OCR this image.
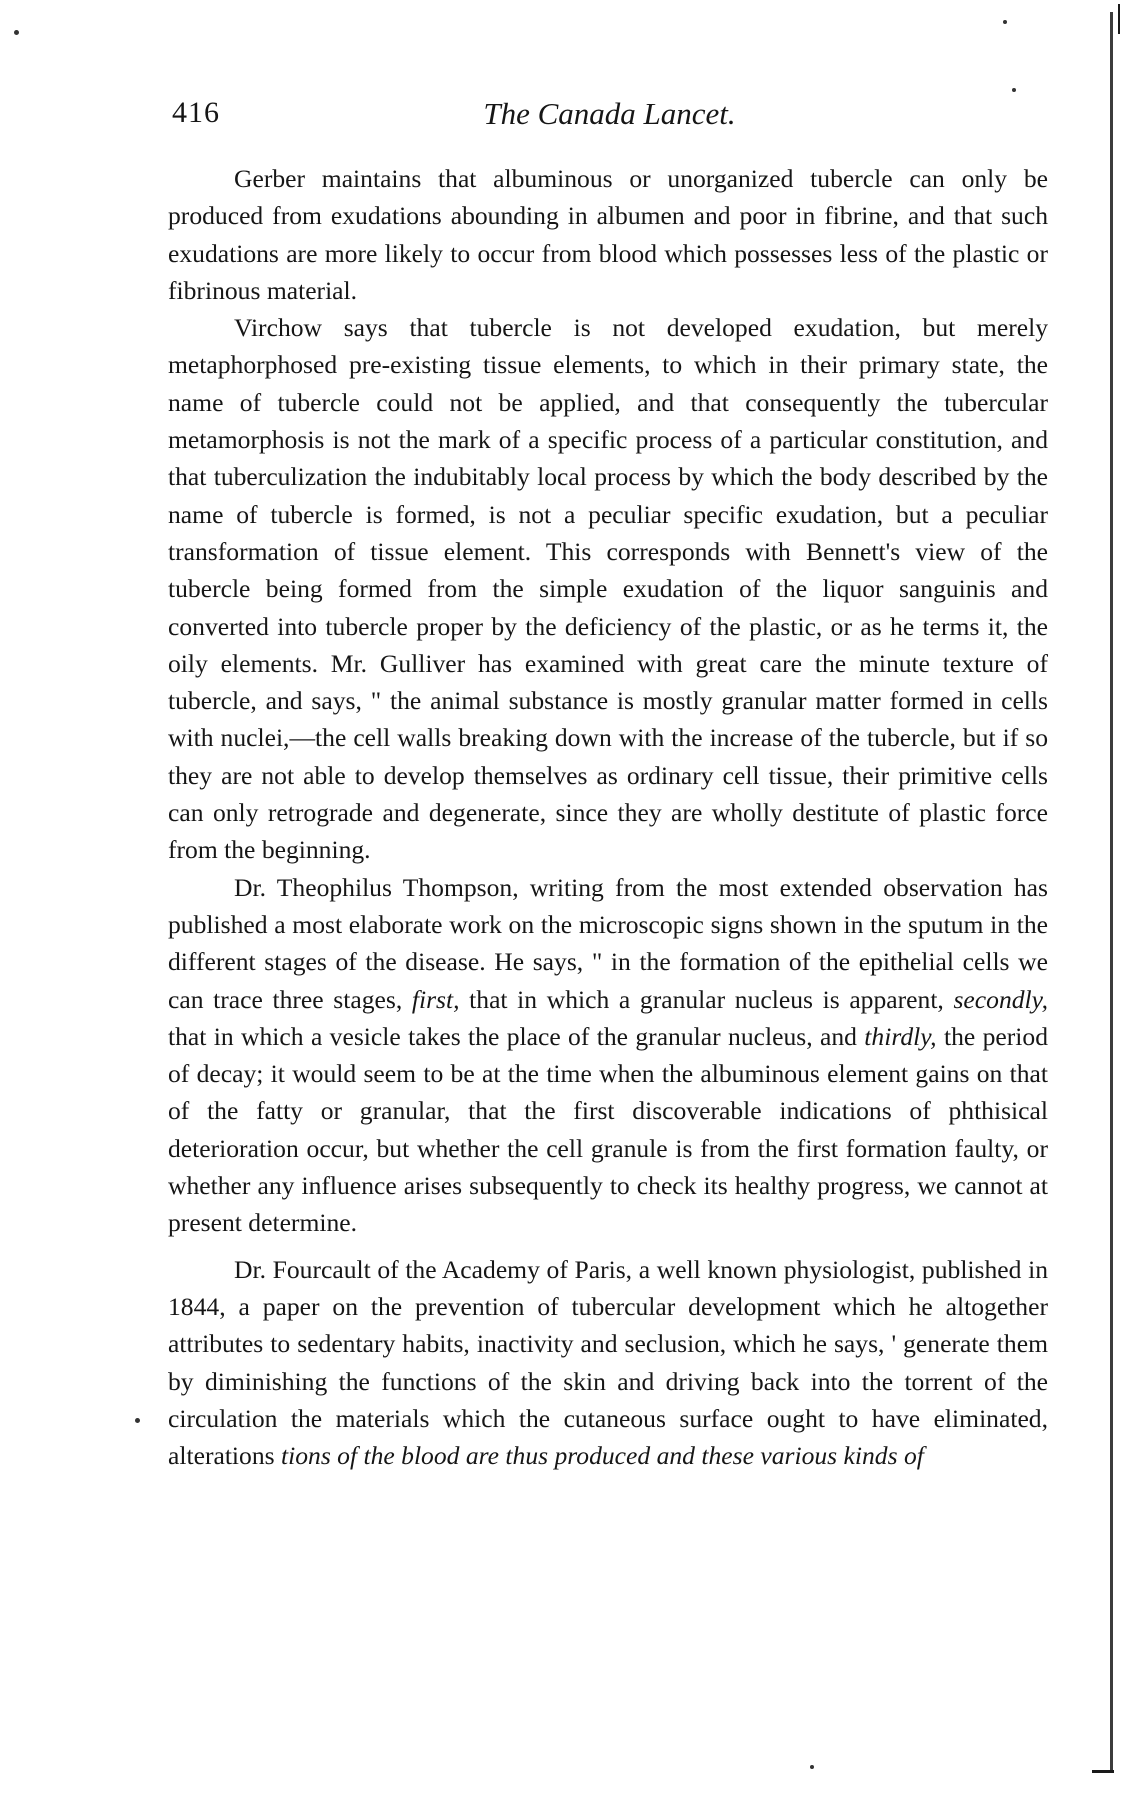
416	The Canada Lancet.

Gerber maintains that albuminous or unorganized tubercle can only be produced from exudations abounding in albumen and poor in fibrine, and that such exudations are more likely to occur from blood which possesses less of the plastic or fibrinous material.

Virchow says that tubercle is not developed exudation, but merely metaphorphosed pre-existing tissue elements, to which in their primary state, the name of tubercle could not be applied, and that consequently the tubercular metamorphosis is not the mark of a specific process of a particular constitution, and that tuberculization the indubitably local process by which the body described by the name of tubercle is formed, is not a peculiar specific exudation, but a peculiar transformation of tissue element. This corresponds with Bennett's view of the tubercle being formed from the simple exudation of the liquor sanguinis and converted into tubercle proper by the deficiency of the plastic, or as he terms it, the oily elements. Mr. Gulliver has examined with great care the minute texture of tubercle, and says, " the animal substance is mostly granular matter formed in cells with nuclei,—the cell walls breaking down with the increase of the tubercle, but if so they are not able to develop themselves as ordinary cell tissue, their primitive cells can only retrograde and degenerate, since they are wholly destitute of plastic force from the beginning.

Dr. Theophilus Thompson, writing from the most extended observation has published a most elaborate work on the microscopic signs shown in the sputum in the different stages of the disease. He says, " in the formation of the epithelial cells we can trace three stages, first, that in which a granular nucleus is apparent, secondly, that in which a vesicle takes the place of the granular nucleus, and thirdly, the period of decay; it would seem to be at the time when the albuminous element gains on that of the fatty or granular, that the first discoverable indications of phthisical deterioration occur, but whether the cell granule is from the first formation faulty, or whether any influence arises subsequently to check its healthy progress, we cannot at present determine.

Dr. Fourcault of the Academy of Paris, a well known physiologist, published in 1844, a paper on the prevention of tubercular development which he altogether attributes to sedentary habits, inactivity and seclusion, which he says, ' generate them by diminishing the functions of the skin and driving back into the torrent of the circulation the materials which the cutaneous surface ought to have eliminated, alterations tions of the blood are thus produced and these various kinds of
